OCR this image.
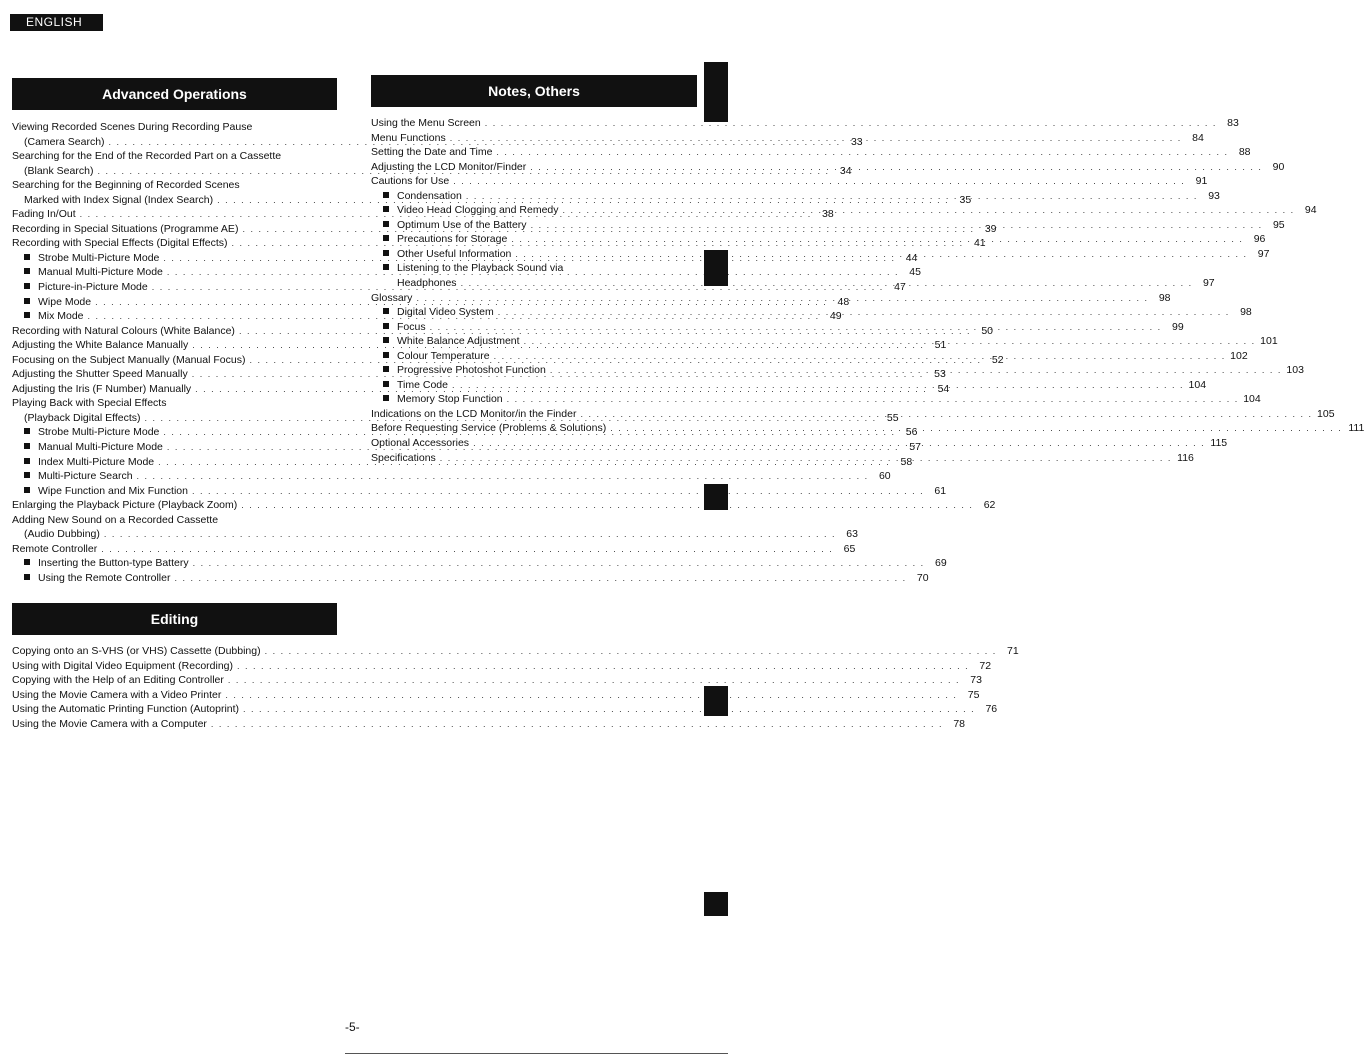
ENGLISH
Advanced Operations
Viewing Recorded Scenes During Recording Pause
(Camera Search) . . .	33
Searching for the End of the Recorded Part on a Cassette
(Blank Search) . . .	34
Searching for the Beginning of Recorded Scenes
Marked with Index Signal (Index Search) . . .	35
Fading In/Out . . .	38
Recording in Special Situations (Programme AE) . . .	39
Recording with Special Effects (Digital Effects) . . .	41
Strobe Multi-Picture Mode . . .	44
Manual Multi-Picture Mode . . .	45
Picture-in-Picture Mode . . .	47
Wipe Mode . . .	48
Mix Mode . . .	49
Recording with Natural Colours (White Balance) . . .	50
Adjusting the White Balance Manually . . .	51
Focusing on the Subject Manually (Manual Focus) . . .	52
Adjusting the Shutter Speed Manually . . .	53
Adjusting the Iris (F Number) Manually . . .	54
Playing Back with Special Effects
(Playback Digital Effects) . . .	55
Strobe Multi-Picture Mode . . .	56
Manual Multi-Picture Mode . . .	57
Index Multi-Picture Mode . . .	58
Multi-Picture Search . . .	60
Wipe Function and Mix Function . . .	61
Enlarging the Playback Picture (Playback Zoom) . . .	62
Adding New Sound on a Recorded Cassette
(Audio Dubbing) . . .	63
Remote Controller . . .	65
Inserting the Button-type Battery . . .	69
Using the Remote Controller . . .	70
Editing
Copying onto an S-VHS (or VHS) Cassette (Dubbing) . . .	71
Using with Digital Video Equipment (Recording) . . .	72
Copying with the Help of an Editing Controller . . .	73
Using the Movie Camera with a Video Printer . . .	75
Using the Automatic Printing Function (Autoprint) . . .	76
Using the Movie Camera with a Computer . . .	78
Notes, Others
Using the Menu Screen . . .	83
Menu Functions . . .	84
Setting the Date and Time . . .	88
Adjusting the LCD Monitor/Finder . . .	90
Cautions for Use . . .	91
Condensation . . .	93
Video Head Clogging and Remedy . . .	94
Optimum Use of the Battery . . .	95
Precautions for Storage . . .	96
Other Useful Information . . .	97
Listening to the Playback Sound via
Headphones . . .	97
Glossary . . .	98
Digital Video System . . .	98
Focus . . .	99
White Balance Adjustment . . .	101
Colour Temperature . . .	102
Progressive Photoshot Function . . .	103
Time Code . . .	104
Memory Stop Function . . .	104
Indications on the LCD Monitor/in the Finder . . .	105
Before Requesting Service (Problems & Solutions) . . .	111
Optional Accessories . . .	115
Specifications . . .	116
-5-
